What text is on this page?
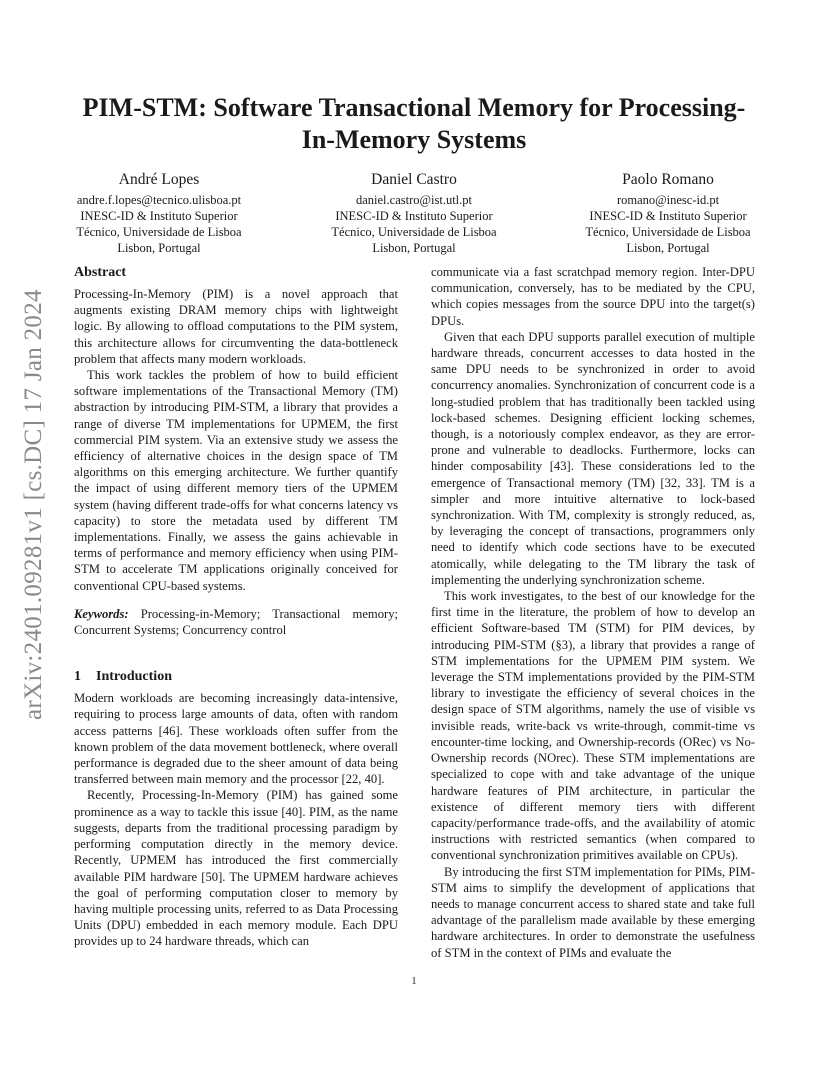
PIM-STM: Software Transactional Memory for Processing-In-Memory Systems
André Lopes
andre.f.lopes@tecnico.ulisboa.pt
INESC-ID & Instituto Superior
Técnico, Universidade de Lisboa
Lisbon, Portugal
Daniel Castro
daniel.castro@ist.utl.pt
INESC-ID & Instituto Superior
Técnico, Universidade de Lisboa
Lisbon, Portugal
Paolo Romano
romano@inesc-id.pt
INESC-ID & Instituto Superior
Técnico, Universidade de Lisboa
Lisbon, Portugal
arXiv:2401.09281v1 [cs.DC] 17 Jan 2024
Abstract

Processing-In-Memory (PIM) is a novel approach that augments existing DRAM memory chips with lightweight logic. By allowing to offload computations to the PIM system, this architecture allows for circumventing the data-bottleneck problem that affects many modern workloads.

This work tackles the problem of how to build efficient software implementations of the Transactional Memory (TM) abstraction by introducing PIM-STM, a library that provides a range of diverse TM implementations for UPMEM, the first commercial PIM system. Via an extensive study we assess the efficiency of alternative choices in the design space of TM algorithms on this emerging architecture. We further quantify the impact of using different memory tiers of the UPMEM system (having different trade-offs for what concerns latency vs capacity) to store the metadata used by different TM implementations. Finally, we assess the gains achievable in terms of performance and memory efficiency when using PIM-STM to accelerate TM applications originally conceived for conventional CPU-based systems.

Keywords: Processing-in-Memory; Transactional memory; Concurrent Systems; Concurrency control

1 Introduction

Modern workloads are becoming increasingly data-intensive, requiring to process large amounts of data, often with random access patterns [46]. These workloads often suffer from the known problem of the data movement bottleneck, where overall performance is degraded due to the sheer amount of data being transferred between main memory and the processor [22, 40].

Recently, Processing-In-Memory (PIM) has gained some prominence as a way to tackle this issue [40]. PIM, as the name suggests, departs from the traditional processing paradigm by performing computation directly in the memory device. Recently, UPMEM has introduced the first commercially available PIM hardware [50]. The UPMEM hardware achieves the goal of performing computation closer to memory by having multiple processing units, referred to as Data Processing Units (DPU) embedded in each memory module. Each DPU provides up to 24 hardware threads, which can

communicate via a fast scratchpad memory region. Inter-DPU communication, conversely, has to be mediated by the CPU, which copies messages from the source DPU into the target(s) DPUs.

Given that each DPU supports parallel execution of multiple hardware threads, concurrent accesses to data hosted in the same DPU needs to be synchronized in order to avoid concurrency anomalies. Synchronization of concurrent code is a long-studied problem that has traditionally been tackled using lock-based schemes. Designing efficient locking schemes, though, is a notoriously complex endeavor, as they are error-prone and vulnerable to deadlocks. Furthermore, locks can hinder composability [43]. These considerations led to the emergence of Transactional memory (TM) [32, 33]. TM is a simpler and more intuitive alternative to lock-based synchronization. With TM, complexity is strongly reduced, as, by leveraging the concept of transactions, programmers only need to identify which code sections have to be executed atomically, while delegating to the TM library the task of implementing the underlying synchronization scheme.

This work investigates, to the best of our knowledge for the first time in the literature, the problem of how to develop an efficient Software-based TM (STM) for PIM devices, by introducing PIM-STM (§3), a library that provides a range of STM implementations for the UPMEM PIM system. We leverage the STM implementations provided by the PIM-STM library to investigate the efficiency of several choices in the design space of STM algorithms, namely the use of visible vs invisible reads, write-back vs write-through, commit-time vs encounter-time locking, and Ownership-records (ORec) vs No-Ownership records (NOrec). These STM implementations are specialized to cope with and take advantage of the unique hardware features of PIM architecture, in particular the existence of different memory tiers with different capacity/performance trade-offs, and the availability of atomic instructions with restricted semantics (when compared to conventional synchronization primitives available on CPUs).

By introducing the first STM implementation for PIMs, PIM-STM aims to simplify the development of applications that needs to manage concurrent access to shared state and take full advantage of the parallelism made available by these emerging hardware architectures. In order to demonstrate the usefulness of STM in the context of PIMs and evaluate the

1
